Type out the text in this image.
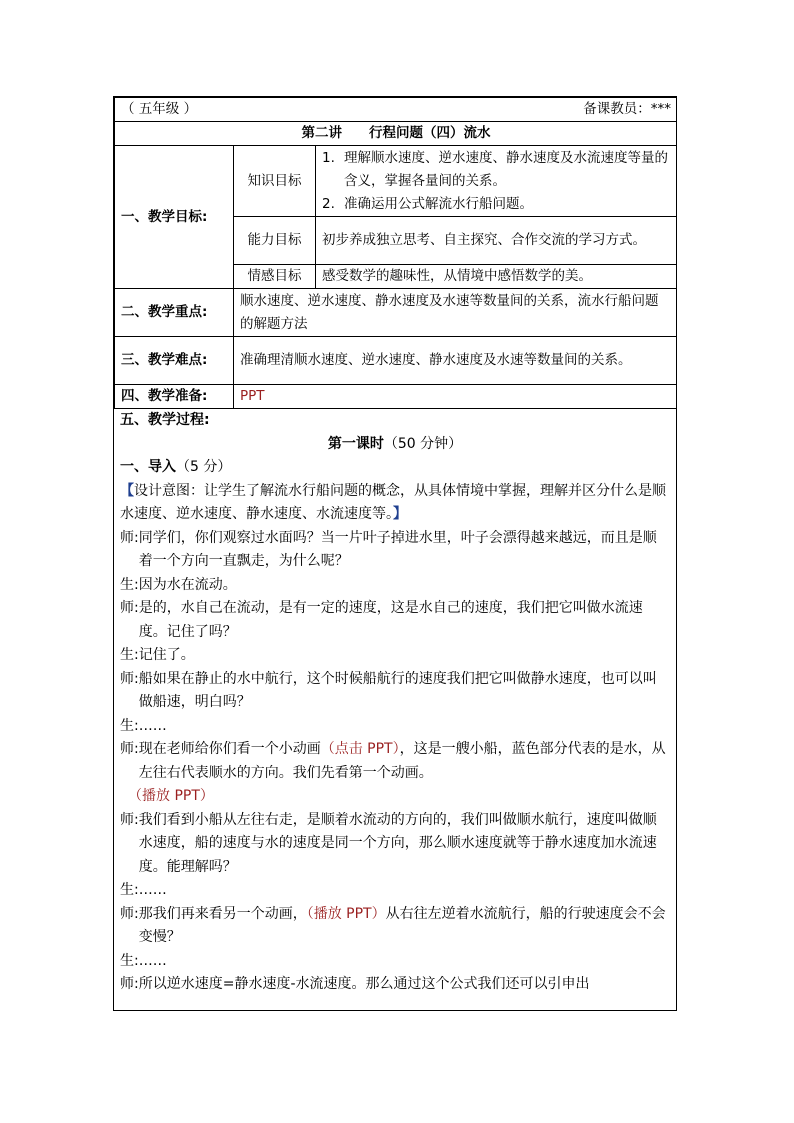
（ 五年级 ） 备课教员：***		

第二讲　　行程问题（四）流水		
一、教学目标:	知识目标	1. 理解顺水速度、逆水速度、静水速度及水流速度等量的含义，掌握各量间的关系。
2. 准确运用公式解流水行船问题。

	能力目标	初步养成独立思考、自主探究、合作交流的学习方式。
	情感目标	感受数学的趣味性，从情境中感悟数学的美。
二、教学重点:	顺水速度、逆水速度、静水速度及水速等数量间的关系，流水行船问题的解题方法	
三、教学难点:	准确理清顺水速度、逆水速度、静水速度及水速等数量间的关系。	
四、教学准备:	PPT	

五、教学过程:

第一课时（50 分钟）

一、导入（5 分）

【设计意图：让学生了解流水行船问题的概念，从具体情境中掌握，理解并区分什么是顺水速度、逆水速度、静水速度、水流速度等。】

师: 同学们，你们观察过水面吗？当一片叶子掉进水里，叶子会漂得越来越远，而且是顺着一个方向一直飘走，为什么呢？
生: 因为水在流动。
师: 是的，水自己在流动，是有一定的速度，这是水自己的速度，我们把它叫做水流速度。记住了吗？
生: 记住了。
师: 船如果在静止的水中航行，这个时候船航行的速度我们把它叫做静水速度，也可以叫做船速，明白吗？
生: ……
师: 现在老师给你们看一个小动画（点击 PPT），这是一艘小船，蓝色部分代表的是水，从左往右代表顺水的方向。我们先看第一个动画。
（播放 PPT）
师: 我们看到小船从左往右走，是顺着水流动的方向的，我们叫做顺水航行，速度叫做顺水速度，船的速度与水的速度是同一个方向，那么顺水速度就等于静水速度加水流速度。能理解吗？
生: ……
师: 那我们再来看另一个动画，（播放 PPT）从右往左逆着水流航行，船的行驶速度会不会变慢？
生: ……
师: 所以逆水速度=静水速度-水流速度。那么通过这个公式我们还可以引申出
